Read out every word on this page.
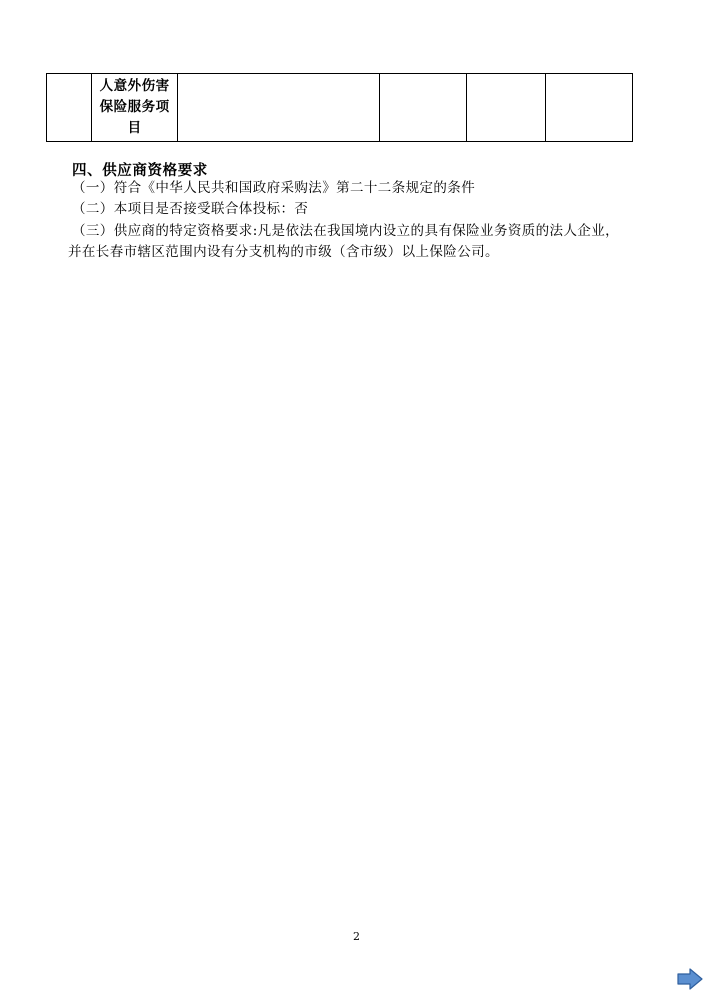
人意外伤害保险服务项目

四、供应商资格要求
（一）符合《中华人民共和国政府采购法》第二十二条规定的条件
（二）本项目是否接受联合体投标：否
（三）供应商的特定资格要求:凡是依法在我国境内设立的具有保险业务资质的法人企业，
并在长春市辖区范围内设有分支机构的市级（含市级）以上保险公司。
2
